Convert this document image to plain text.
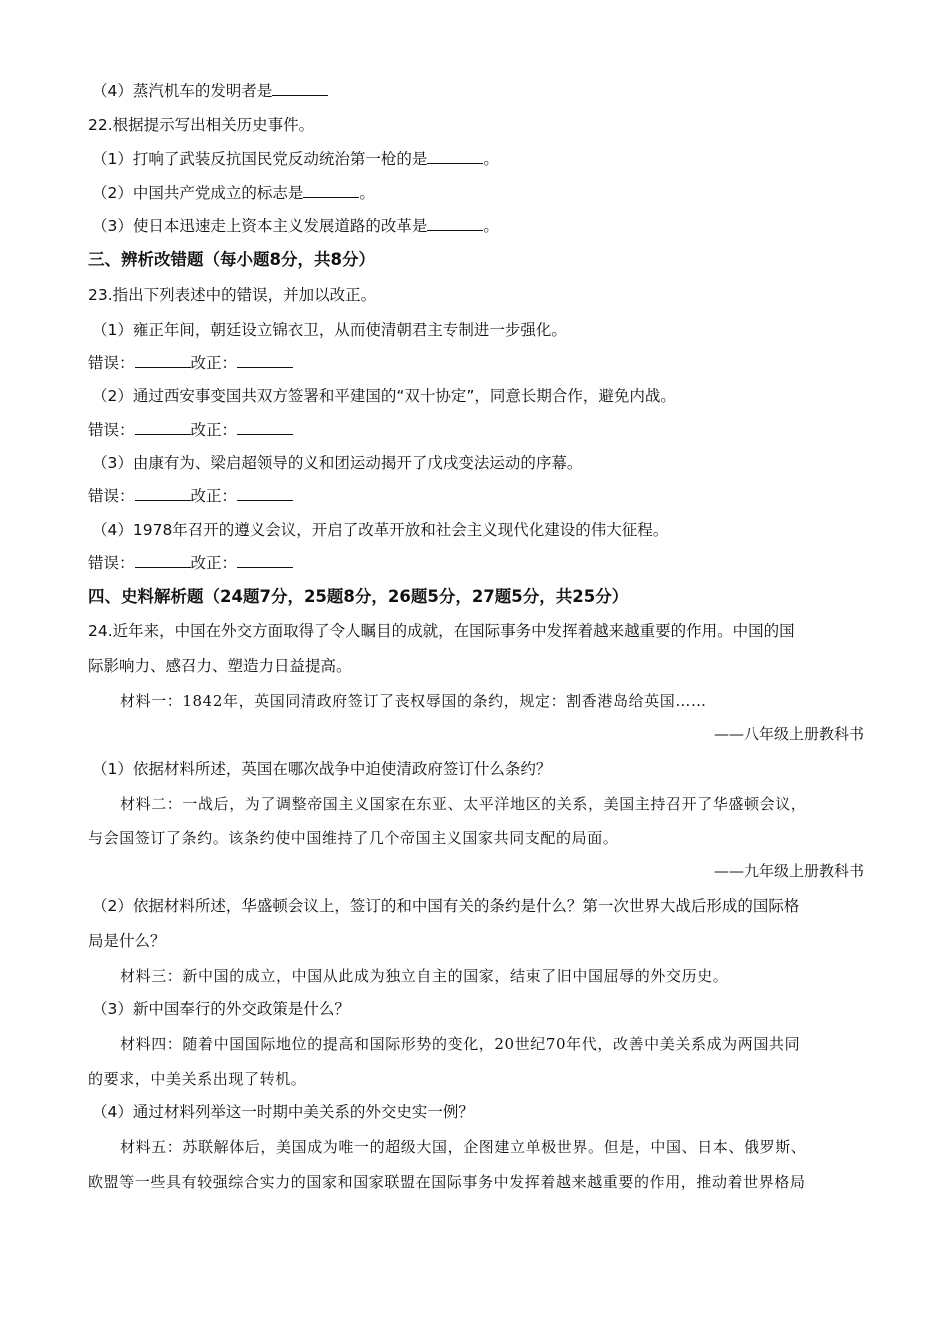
（4）蒸汽机车的发明者是
22.根据提示写出相关历史事件。
（1）打响了武装反抗国民党反动统治第一枪的是	。
（2）中国共产党成立的标志是	。
（3）使日本迅速走上资本主义发展道路的改革是	。
三、辨析改错题（每小题8分，共8分）
23.指出下列表述中的错误，并加以改正。
（1）雍正年间，朝廷设立锦衣卫，从而使清朝君主专制进一步强化。
错误：	改正：
（2）通过西安事变国共双方签署和平建国的“双十协定”，同意长期合作，避免内战。
错误：	改正：
（3）由康有为、梁启超领导的义和团运动揭开了戊戌变法运动的序幕。
错误：	改正：
（4）1978年召开的遵义会议，开启了改革开放和社会主义现代化建设的伟大征程。
错误：	改正：
四、史料解析题（24题7分，25题8分，26题5分，27题5分，共25分）
24.近年来，中国在外交方面取得了令人瞩目的成就，在国际事务中发挥着越来越重要的作用。中国的国
际影响力、感召力、塑造力日益提高。
材料一：1842年，英国同清政府签订了丧权辱国的条约，规定：割香港岛给英国……
——八年级上册教科书
（1）依据材料所述，英国在哪次战争中迫使清政府签订什么条约？
材料二：一战后，为了调整帝国主义国家在东亚、太平洋地区的关系，美国主持召开了华盛顿会议，
与会国签订了条约。该条约使中国维持了几个帝国主义国家共同支配的局面。
——九年级上册教科书
（2）依据材料所述，华盛顿会议上，签订的和中国有关的条约是什么？第一次世界大战后形成的国际格
局是什么？
材料三：新中国的成立，中国从此成为独立自主的国家，结束了旧中国屈辱的外交历史。
（3）新中国奉行的外交政策是什么？
材料四：随着中国国际地位的提高和国际形势的变化，20世纪70年代，改善中美关系成为两国共同
的要求，中美关系出现了转机。
（4）通过材料列举这一时期中美关系的外交史实一例？
材料五：苏联解体后，美国成为唯一的超级大国，企图建立单极世界。但是，中国、日本、俄罗斯、
欧盟等一些具有较强综合实力的国家和国家联盟在国际事务中发挥着越来越重要的作用，推动着世界格局
